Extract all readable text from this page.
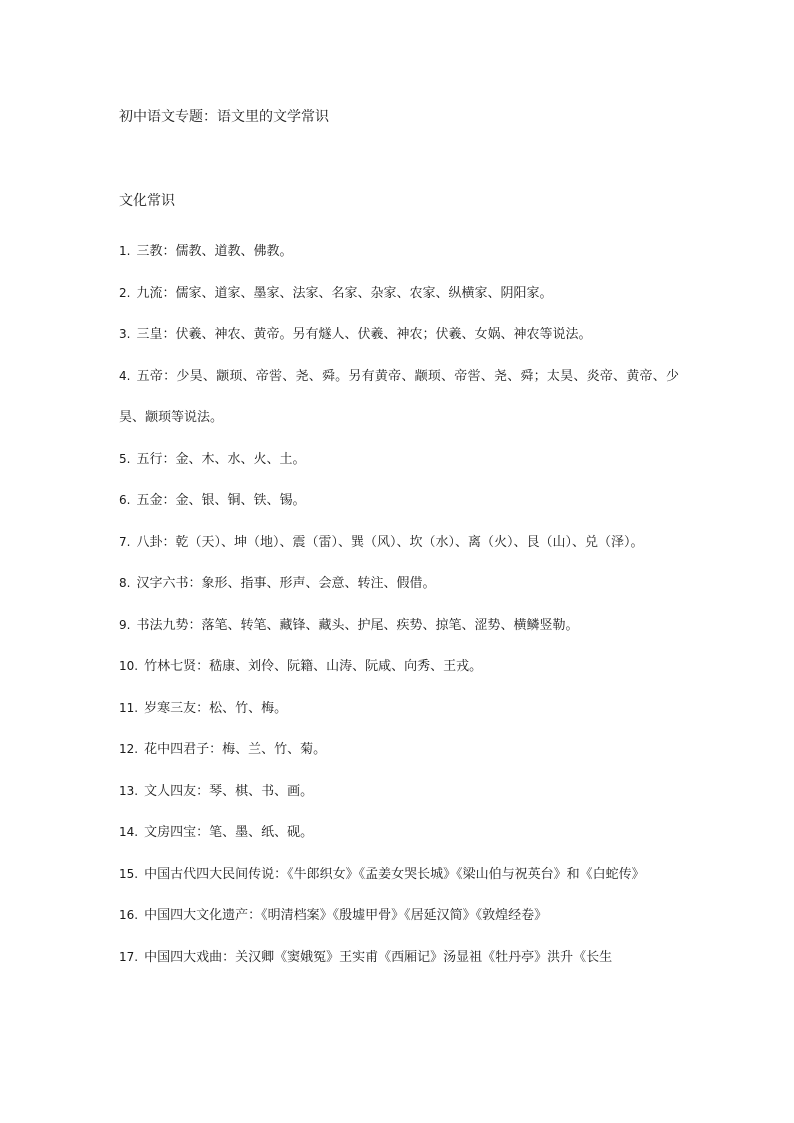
初中语文专题：语文里的文学常识
文化常识
1. 三教：儒教、道教、佛教。
2. 九流：儒家、道家、墨家、法家、名家、杂家、农家、纵横家、阴阳家。
3. 三皇：伏羲、神农、黄帝。另有燧人、伏羲、神农；伏羲、女娲、神农等说法。
4. 五帝：少昊、颛顼、帝喾、尧、舜。另有黄帝、颛顼、帝喾、尧、舜；太昊、炎帝、黄帝、少昊、颛顼等说法。
5. 五行：金、木、水、火、土。
6. 五金：金、银、铜、铁、锡。
7. 八卦：乾（天）、坤（地）、震（雷）、巽（风）、坎（水）、离（火）、艮（山）、兑（泽）。
8. 汉字六书：象形、指事、形声、会意、转注、假借。
9. 书法九势：落笔、转笔、藏锋、藏头、护尾、疾势、掠笔、涩势、横鳞竖勒。
10. 竹林七贤：嵇康、刘伶、阮籍、山涛、阮咸、向秀、王戎。
11. 岁寒三友：松、竹、梅。
12. 花中四君子：梅、兰、竹、菊。
13. 文人四友：琴、棋、书、画。
14. 文房四宝：笔、墨、纸、砚。
15. 中国古代四大民间传说：《牛郎织女》《孟姜女哭长城》《梁山伯与祝英台》和《白蛇传》
16. 中国四大文化遗产：《明清档案》《殷墟甲骨》《居延汉简》《敦煌经卷》
17. 中国四大戏曲：关汉卿《窦娥冤》王实甫《西厢记》汤显祖《牡丹亭》洪升《长生
